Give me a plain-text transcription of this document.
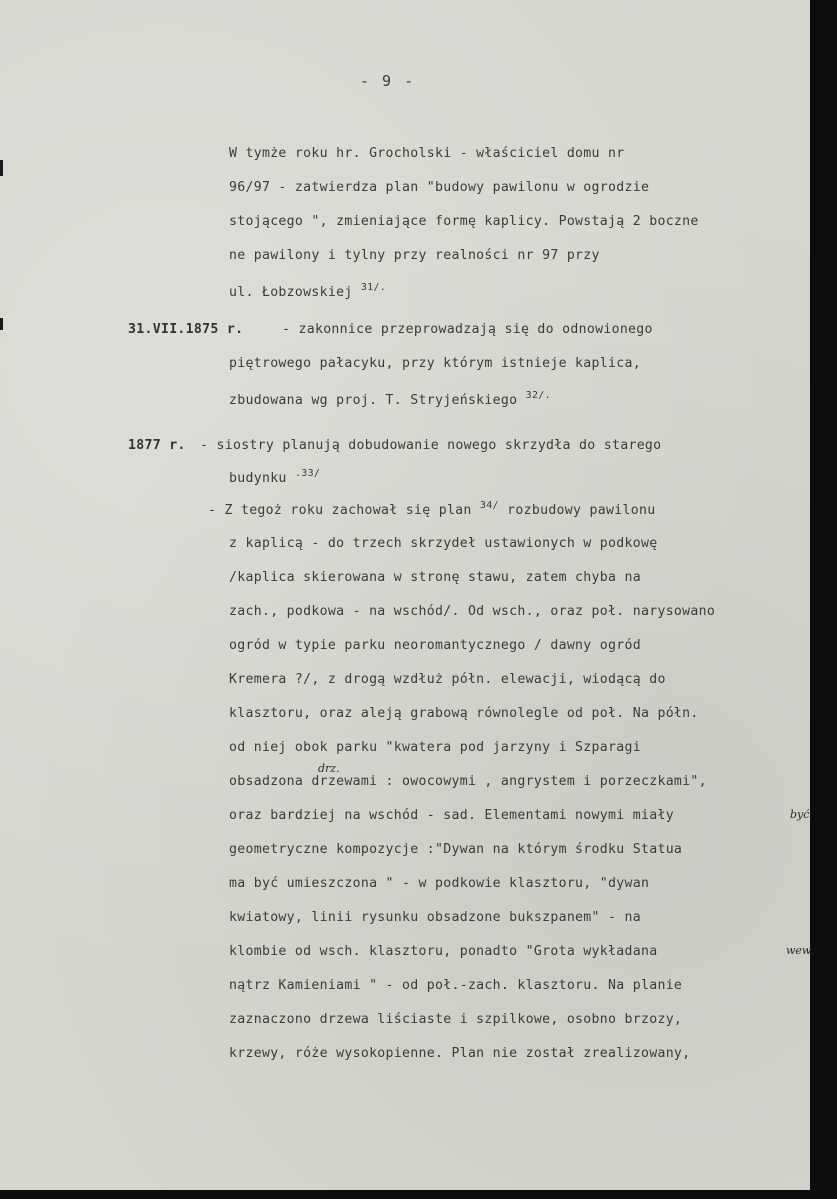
- 9 -
W tymże roku hr. Grocholski - właściciel domu nr
96/97 - zatwierdza plan "budowy pawilonu w ogrodzie
stojącego ", zmieniające formę kaplicy. Powstają 2 boczne
ne pawilony i tylny przy realności nr 97 przy
ul. Łobzowskiej $^{31/.}$
31.VII.1875 r.	- zakonnice przeprowadzają się do odnowionego
piętrowego pałacyku, przy którym istnieje kaplica,
zbudowana wg proj. T. Stryjeńskiego $^{32/.}$
1877 r. - siostry planują dobudowanie nowego skrzydła do starego
budynku $^{.33/}$
- Z tegoż roku zachował się plan $^{34/}$ rozbudowy pawilonu
z kaplicą - do trzech skrzydeł ustawionych w podkowę
/kaplica skierowana w stronę stawu, zatem chyba na
zach., podkowa - na wschód/. Od wsch., oraz poł. narysowano
ogród w typie parku neoromantycznego / dawny ogród
Kremera ?/, z drogą wzdłuż półn. elewacji, wiodącą do
klasztoru, oraz aleją grabową równolegle od poł. Na półn.
od niej obok parku "kwatera pod jarzyny i Szparagi
drz.
obsadzona drzewami : owocowymi , angrystem i porzeczkami",
oraz bardziej na wschód - sad. Elementami nowymi miały	być
geometryczne kompozycje :"Dywan na którym środku Statua
ma być umieszczona " - w podkowie klasztoru, "dywan
kwiatowy, linii rysunku obsadzone bukszpanem" - na
klombie od wsch. klasztoru, ponadto "Grota wykładana	wew.
nątrz Kamieniami " - od poł.-zach. klasztoru. Na planie
zaznaczono drzewa liściaste i szpilkowe, osobno brzozy,
krzewy, róże wysokopienne. Plan nie został zrealizowany,
